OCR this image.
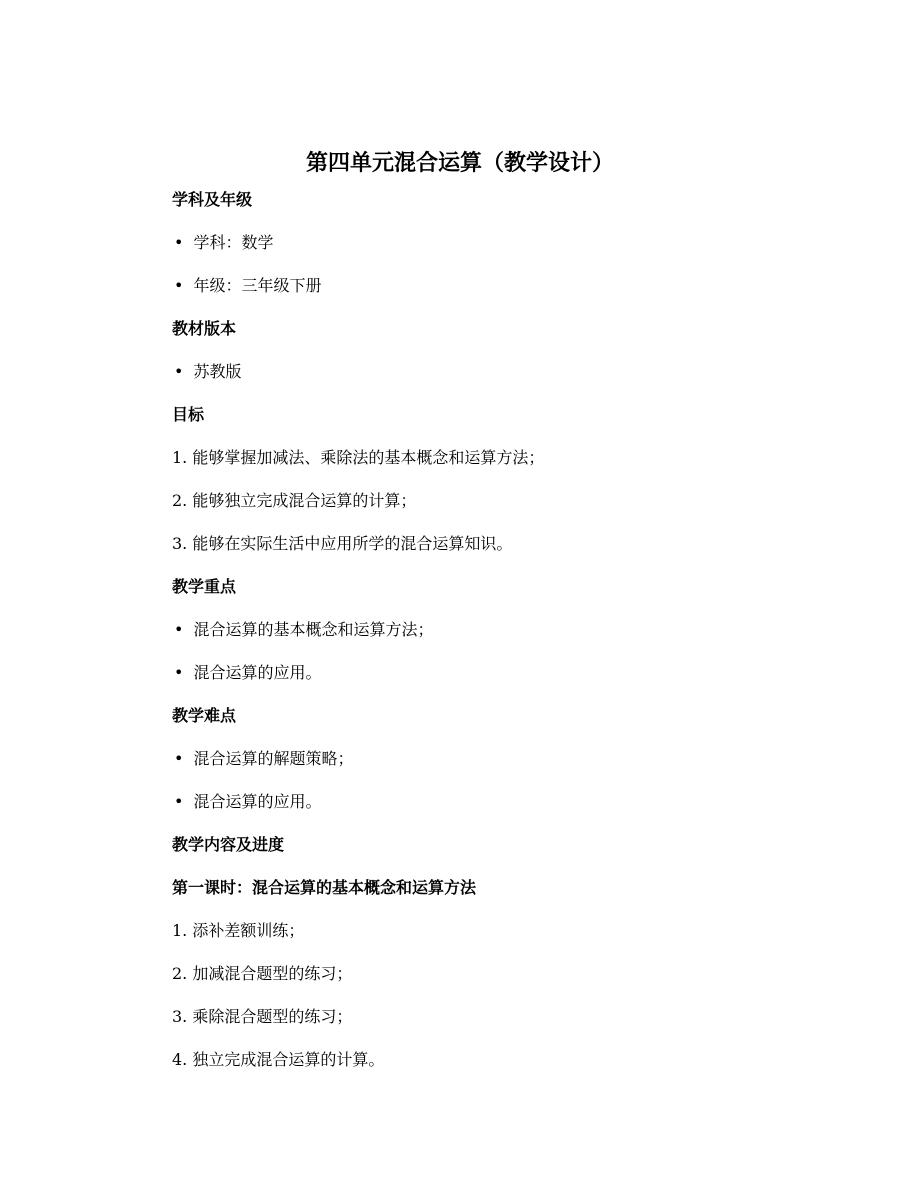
第四单元混合运算（教学设计）
学科及年级
• 学科：数学
• 年级：三年级下册
教材版本
• 苏教版
目标
1. 能够掌握加减法、乘除法的基本概念和运算方法；
2. 能够独立完成混合运算的计算；
3. 能够在实际生活中应用所学的混合运算知识。
教学重点
• 混合运算的基本概念和运算方法；
• 混合运算的应用。
教学难点
• 混合运算的解题策略；
• 混合运算的应用。
教学内容及进度
第一课时：混合运算的基本概念和运算方法
1. 添补差额训练；
2. 加减混合题型的练习；
3. 乘除混合题型的练习；
4. 独立完成混合运算的计算。
